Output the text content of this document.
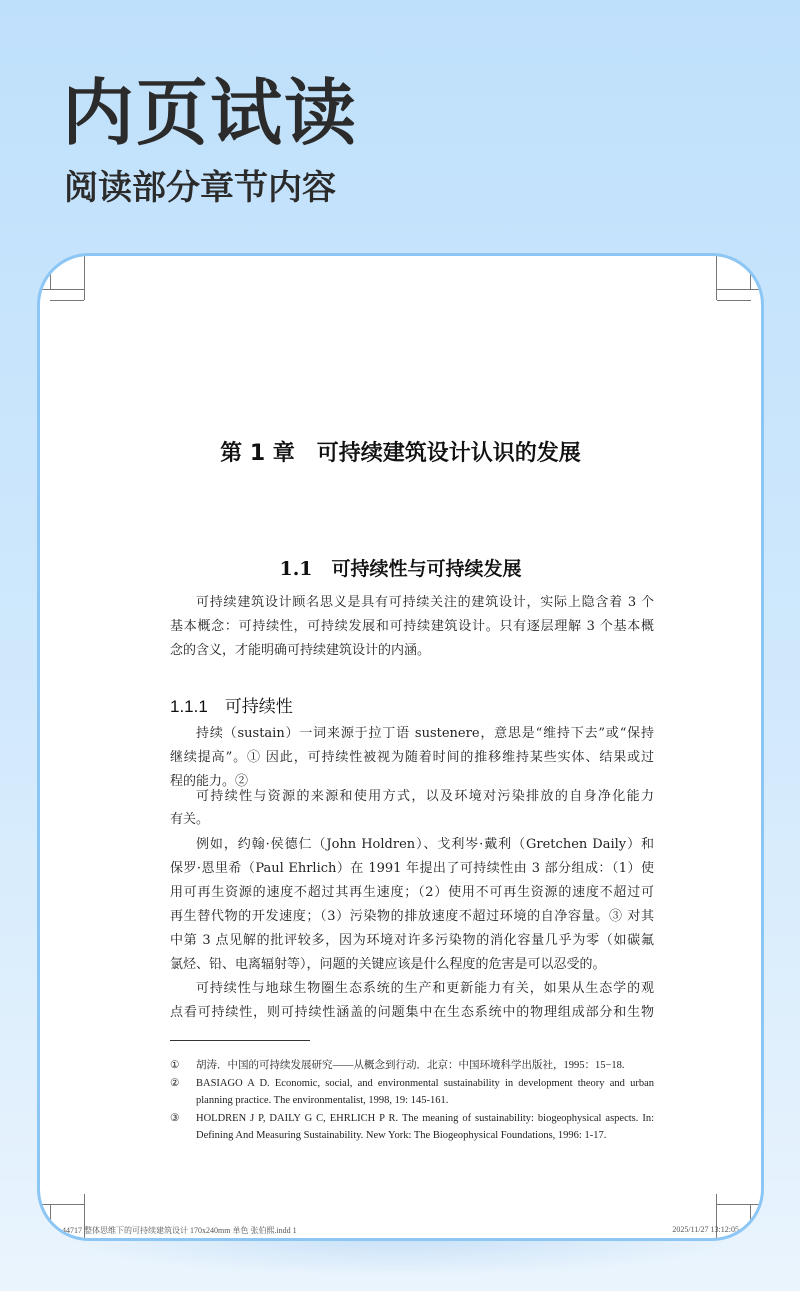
内页试读
阅读部分章节内容
第 1 章　可持续建筑设计认识的发展
1.1　可持续性与可持续发展
1.1.1　可持续性
可持续建筑设计顾名思义是具有可持续关注的建筑设计，实际上隐含着 3 个
基本概念：可持续性，可持续发展和可持续建筑设计。只有逐层理解 3 个基本概
念的含义，才能明确可持续建筑设计的内涵。
持续（sustain）一词来源于拉丁语 sustenere，意思是“维持下去”或“保持
继续提高”。① 因此，可持续性被视为随着时间的推移维持某些实体、结果或过
程的能力。②
可持续性与资源的来源和使用方式，以及环境对污染排放的自身净化能力
有关。
例如，约翰·侯德仁（John Holdren）、戈利岑·戴利（Gretchen Daily）和
保罗·恩里希（Paul Ehrlich）在 1991 年提出了可持续性由 3 部分组成：（1）使
用可再生资源的速度不超过其再生速度；（2）使用不可再生资源的速度不超过可
再生替代物的开发速度；（3）污染物的排放速度不超过环境的自净容量。③ 对其
中第 3 点见解的批评较多，因为环境对许多污染物的消化容量几乎为零（如碳氟
氯烃、铅、电离辐射等），问题的关键应该是什么程度的危害是可以忍受的。
可持续性与地球生物圈生态系统的生产和更新能力有关，如果从生态学的观
点看可持续性，则可持续性涵盖的问题集中在生态系统中的物理组成部分和生物
① 胡涛．中国的可持续发展研究——从概念到行动．北京：中国环境科学出版社，1995：15−18.
② BASIAGO A D. Economic, social, and environmental sustainability in development theory and urban
planning practice. The environmentalist, 1998, 19: 145-161.
③ HOLDREN J P, DAILY G C, EHRLICH P R. The meaning of sustainability: biogeophysical aspects. In:
Defining And Measuring Sustainability. New York: The Biogeophysical Foundations, 1996: 1-17.
44717 整体思维下的可持续建筑设计 170x240mm 单色 张伯熙.indd 1	2025/11/27 13:12:05
